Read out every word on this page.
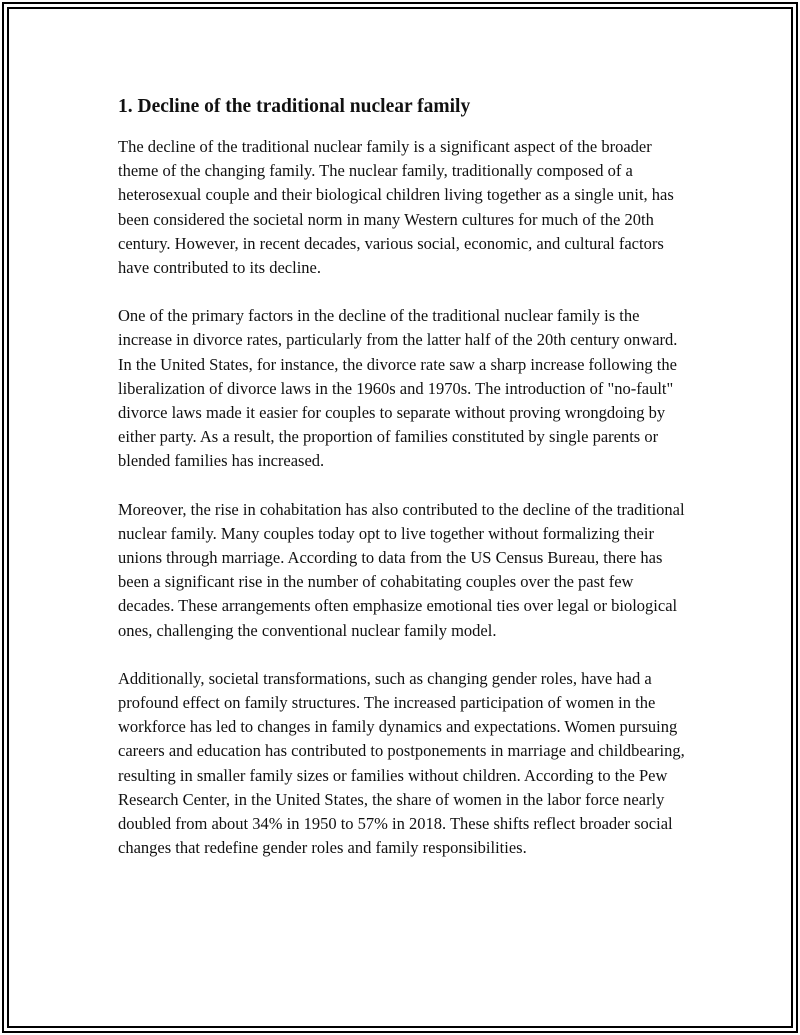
1. Decline of the traditional nuclear family

The decline of the traditional nuclear family is a significant aspect of the broader theme of the changing family. The nuclear family, traditionally composed of a heterosexual couple and their biological children living together as a single unit, has been considered the societal norm in many Western cultures for much of the 20th century. However, in recent decades, various social, economic, and cultural factors have contributed to its decline.

One of the primary factors in the decline of the traditional nuclear family is the increase in divorce rates, particularly from the latter half of the 20th century onward. In the United States, for instance, the divorce rate saw a sharp increase following the liberalization of divorce laws in the 1960s and 1970s. The introduction of "no-fault" divorce laws made it easier for couples to separate without proving wrongdoing by either party. As a result, the proportion of families constituted by single parents or blended families has increased.

Moreover, the rise in cohabitation has also contributed to the decline of the traditional nuclear family. Many couples today opt to live together without formalizing their unions through marriage. According to data from the US Census Bureau, there has been a significant rise in the number of cohabitating couples over the past few decades. These arrangements often emphasize emotional ties over legal or biological ones, challenging the conventional nuclear family model.

Additionally, societal transformations, such as changing gender roles, have had a profound effect on family structures. The increased participation of women in the workforce has led to changes in family dynamics and expectations. Women pursuing careers and education has contributed to postponements in marriage and childbearing, resulting in smaller family sizes or families without children. According to the Pew Research Center, in the United States, the share of women in the labor force nearly doubled from about 34% in 1950 to 57% in 2018. These shifts reflect broader social changes that redefine gender roles and family responsibilities.
